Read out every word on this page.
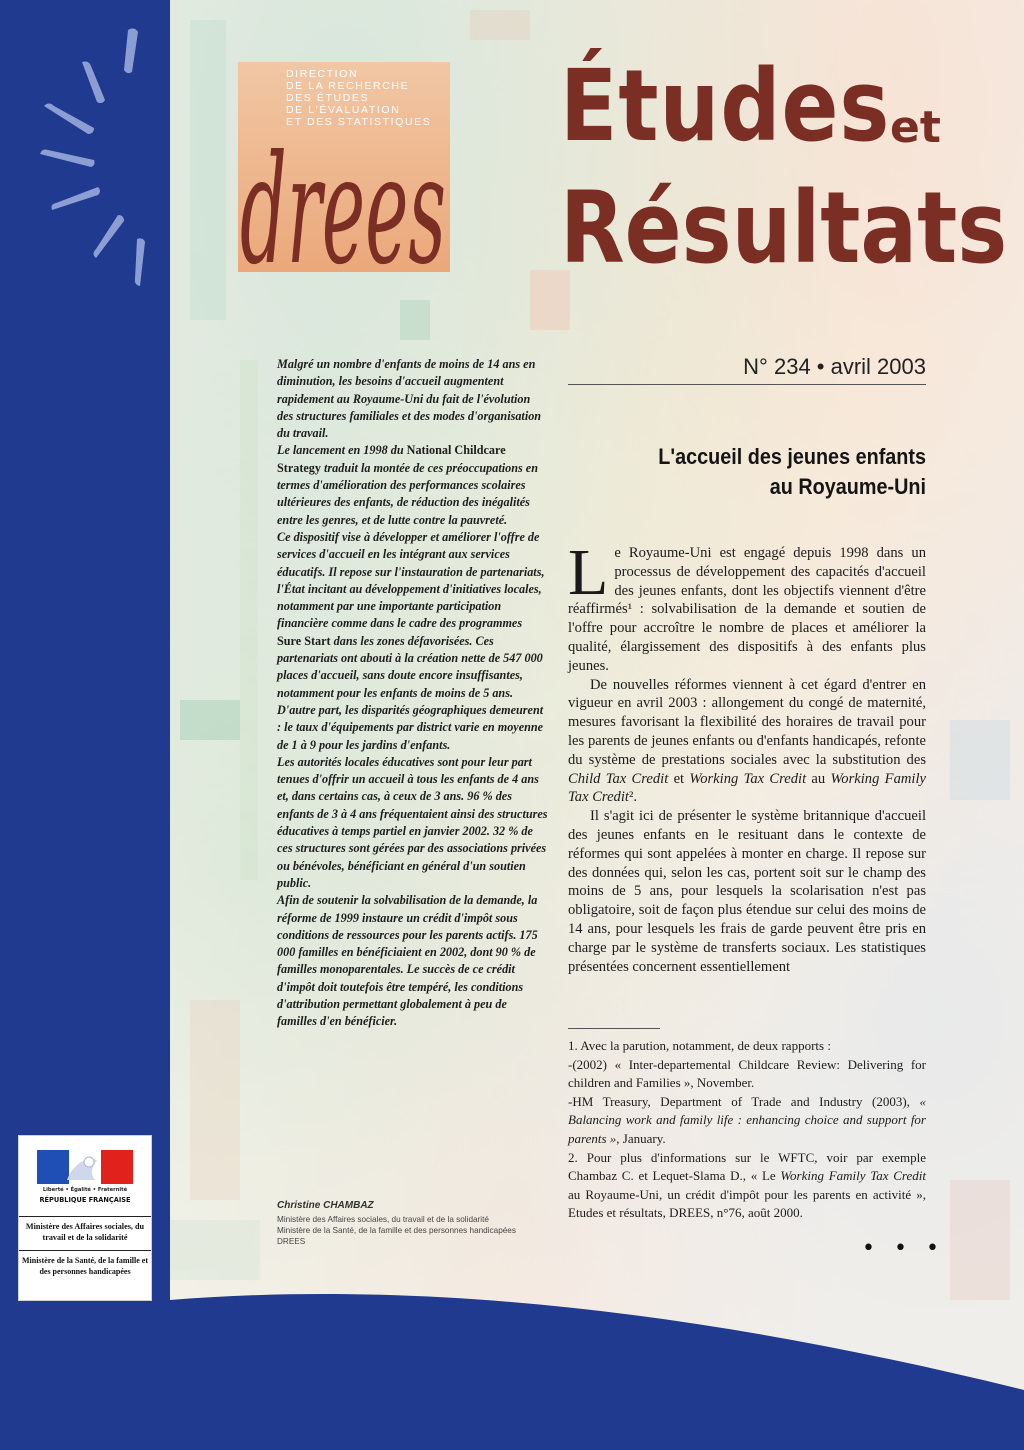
DIRECTION
DE LA RECHERCHE
DES ÉTUDES
DE L'ÉVALUATION
ET DES STATISTIQUES
drees
Études et
Résultats
N° 234 • avril 2003
L'accueil des jeunes enfants
au Royaume-Uni

Malgré un nombre d'enfants de moins de 14 ans en diminution, les besoins d'accueil augmentent rapidement au Royaume-Uni du fait de l'évolution des structures familiales et des modes d'organisation du travail.

Le lancement en 1998 du National Childcare Strategy traduit la montée de ces préoccupations en termes d'amélioration des performances scolaires ultérieures des enfants, de réduction des inégalités entre les genres, et de lutte contre la pauvreté.

Ce dispositif vise à développer et améliorer l'offre de services d'accueil en les intégrant aux services éducatifs. Il repose sur l'instauration de partenariats, l'État incitant au développement d'initiatives locales, notamment par une importante participation financière comme dans le cadre des programmes Sure Start dans les zones défavorisées. Ces partenariats ont abouti à la création nette de 547 000 places d'accueil, sans doute encore insuffisantes, notamment pour les enfants de moins de 5 ans. D'autre part, les disparités géographiques demeurent : le taux d'équipements par district varie en moyenne de 1 à 9 pour les jardins d'enfants.

Les autorités locales éducatives sont pour leur part tenues d'offrir un accueil à tous les enfants de 4 ans et, dans certains cas, à ceux de 3 ans. 96 % des enfants de 3 à 4 ans fréquentaient ainsi des structures éducatives à temps partiel en janvier 2002. 32 % de ces structures sont gérées par des associations privées ou bénévoles, bénéficiant en général d'un soutien public.

Afin de soutenir la solvabilisation de la demande, la réforme de 1999 instaure un crédit d'impôt sous conditions de ressources pour les parents actifs. 175 000 familles en bénéficiaient en 2002, dont 90 % de familles monoparentales. Le succès de ce crédit d'impôt doit toutefois être tempéré, les conditions d'attribution permettant globalement à peu de familles d'en bénéficier.

Christine CHAMBAZ
Ministère des Affaires sociales, du travail et de la solidarité
Ministère de la Santé, de la famille et des personnes handicapées
DREES

Le Royaume-Uni est engagé depuis 1998 dans un processus de développement des capacités d'accueil des jeunes enfants, dont les objectifs viennent d'être réaffirmés¹ : solvabilisation de la demande et soutien de l'offre pour accroître le nombre de places et améliorer la qualité, élargissement des dispositifs à des enfants plus jeunes.

De nouvelles réformes viennent à cet égard d'entrer en vigueur en avril 2003 : allongement du congé de maternité, mesures favorisant la flexibilité des horaires de travail pour les parents de jeunes enfants ou d'enfants handicapés, refonte du système de prestations sociales avec la substitution des Child Tax Credit et Working Tax Credit au Working Family Tax Credit².

Il s'agit ici de présenter le système britannique d'accueil des jeunes enfants en le resituant dans le contexte de réformes qui sont appelées à monter en charge. Il repose sur des données qui, selon les cas, portent soit sur le champ des moins de 5 ans, pour lesquels la scolarisation n'est pas obligatoire, soit de façon plus étendue sur celui des moins de 14 ans, pour lesquels les frais de garde peuvent être pris en charge par le système de transferts sociaux. Les statistiques présentées concernent essentiellement

1. Avec la parution, notamment, de deux rapports :

-(2002) « Inter-departemental Childcare Review: Delivering for children and Families », November.

-HM Treasury, Department of Trade and Industry (2003), « Balancing work and family life : enhancing choice and support for parents », January.

2. Pour plus d'informations sur le WFTC, voir par exemple Chambaz C. et Lequet-Slama D., « Le Working Family Tax Credit au Royaume-Uni, un crédit d'impôt pour les parents en activité », Etudes et résultats, DREES, n°76, août 2000.

• • •
Liberté • Égalité • Fraternité
RÉPUBLIQUE FRANÇAISE
Ministère des Affaires sociales, du travail et de la solidarité
Ministère de la Santé, de la famille et des personnes handicapées
